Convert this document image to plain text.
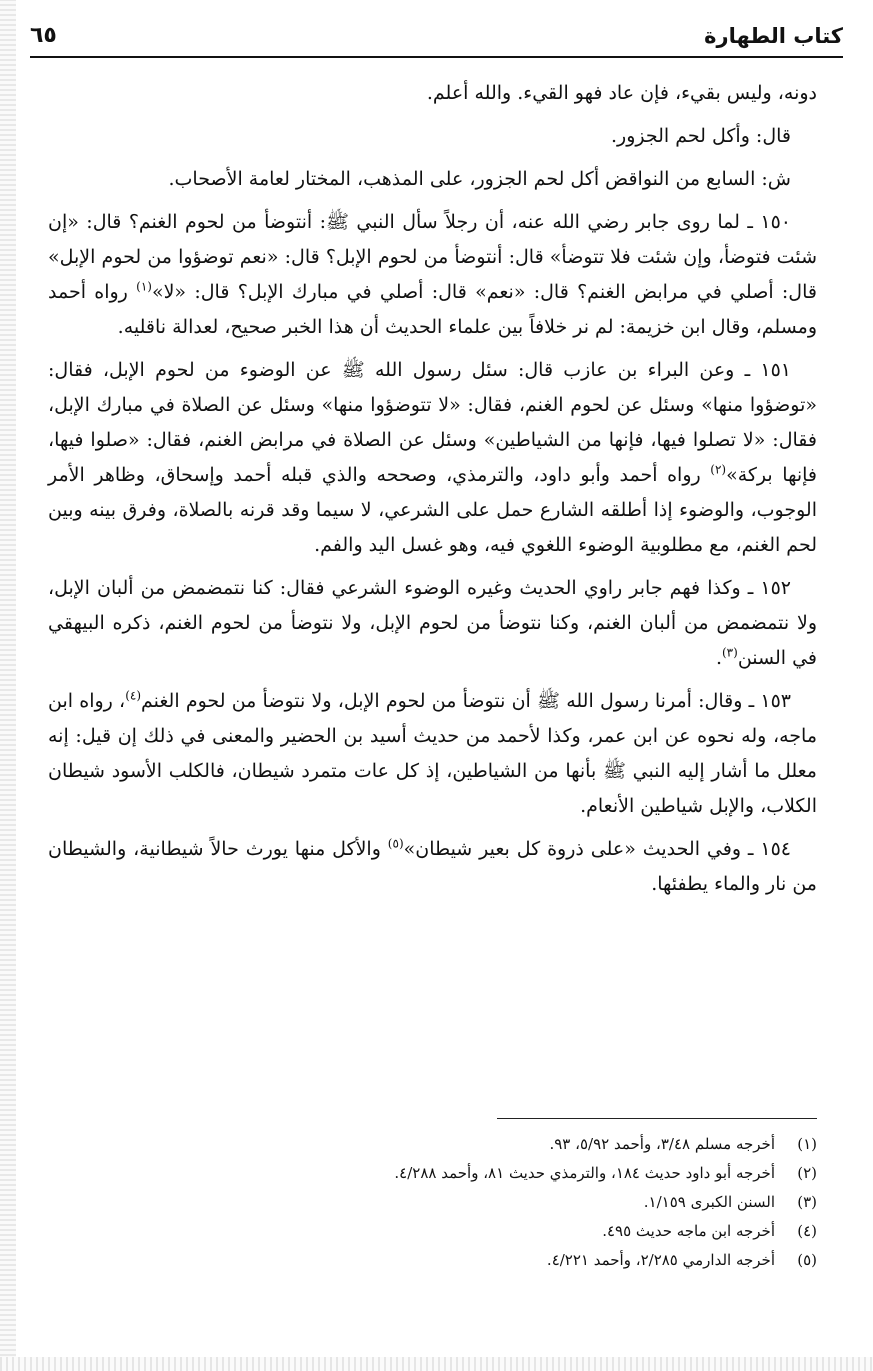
كتاب الطهارة
٦٥

دونه، وليس بقيء، فإن عاد فهو القيء. والله أعلم.

قال: وأكل لحم الجزور.

ش: السابع من النواقض أكل لحم الجزور، على المذهب، المختار لعامة الأصحاب.

١٥٠ ـ لما روى جابر رضي الله عنه، أن رجلاً سأل النبي ﷺ: أنتوضأ من لحوم الغنم؟ قال: «إن شئت فتوضأ، وإن شئت فلا تتوضأ» قال: أنتوضأ من لحوم الإبل؟ قال: «نعم توضؤوا من لحوم الإبل» قال: أصلي في مرابض الغنم؟ قال: «نعم» قال: أصلي في مبارك الإبل؟ قال: «لا»$^{(١)}$ رواه أحمد ومسلم، وقال ابن خزيمة: لم نر خلافاً بين علماء الحديث أن هذا الخبر صحيح، لعدالة ناقليه.

١٥١ ـ وعن البراء بن عازب قال: سئل رسول الله ﷺ عن الوضوء من لحوم الإبل، فقال: «توضؤوا منها» وسئل عن لحوم الغنم، فقال: «لا تتوضؤوا منها» وسئل عن الصلاة في مبارك الإبل، فقال: «لا تصلوا فيها، فإنها من الشياطين» وسئل عن الصلاة في مرابض الغنم، فقال: «صلوا فيها، فإنها بركة»$^{(٢)}$ رواه أحمد وأبو داود، والترمذي، وصححه والذي قبله أحمد وإسحاق، وظاهر الأمر الوجوب، والوضوء إذا أطلقه الشارع حمل على الشرعي، لا سيما وقد قرنه بالصلاة، وفرق بينه وبين لحم الغنم، مع مطلوبية الوضوء اللغوي فيه، وهو غسل اليد والفم.

١٥٢ ـ وكذا فهم جابر راوي الحديث وغيره الوضوء الشرعي فقال: كنا نتمضمض من ألبان الإبل، ولا نتمضمض من ألبان الغنم، وكنا نتوضأ من لحوم الإبل، ولا نتوضأ من لحوم الغنم، ذكره البيهقي في السنن$^{(٣)}$.

١٥٣ ـ وقال: أمرنا رسول الله ﷺ أن نتوضأ من لحوم الإبل، ولا نتوضأ من لحوم الغنم$^{(٤)}$، رواه ابن ماجه، وله نحوه عن ابن عمر، وكذا لأحمد من حديث أسيد بن الحضير والمعنى في ذلك إن قيل: إنه معلل ما أشار إليه النبي ﷺ بأنها من الشياطين، إذ كل عات متمرد شيطان، فالكلب الأسود شيطان الكلاب، والإبل شياطين الأنعام.

١٥٤ ـ وفي الحديث «على ذروة كل بعير شيطان»$^{(٥)}$ والأكل منها يورث حالاً شيطانية، والشيطان من نار والماء يطفئها.

(١)
أخرجه مسلم ٣/٤٨، وأحمد ٥/٩٢، ٩٣.
(٢)
أخرجه أبو داود حديث ١٨٤، والترمذي حديث ٨١، وأحمد ٤/٢٨٨.
(٣)
السنن الكبرى ١/١٥٩.
(٤)
أخرجه ابن ماجه حديث ٤٩٥.
(٥)
أخرجه الدارمي ٢/٢٨٥، وأحمد ٤/٢٢١.
